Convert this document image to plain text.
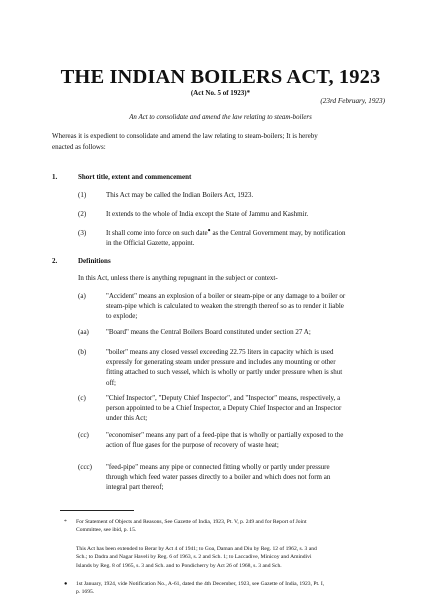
THE INDIAN BOILERS ACT, 1923
(Act No. 5 of 1923)*
(23rd February, 1923)
An Act to consolidate and amend the law relating to steam-boilers
Whereas it is expedient to consolidate and amend the law relating to steam-boilers; It is hereby
enacted as follows:
1.	Short title, extent and commencement
(1)	This Act may be called the Indian Boilers Act, 1923.
(2)	It extends to the whole of India except the State of Jammu and Kashmir.
(3)	It shall come into force on such date● as the Central Government may, by notification
in the Official Gazette, appoint.
2.	Definitions
In this Act, unless there is anything repugnant in the subject or context-
(a)	"Accident" means an explosion of a boiler or steam-pipe or any damage to a boiler or
steam-pipe which is calculated to weaken the strength thereof so as to render it liable
to explode;
(aa) "Board" means the Central Boilers Board constituted under section 27 A;
(b)	"boiler" means any closed vessel exceeding 22.75 liters in capacity which is used
expressly for generating steam under pressure and includes any mounting or other
fitting attached to such vessel, which is wholly or partly under pressure when is shut
off;
(c)	"Chief Inspector", "Deputy Chief Inspector", and "Inspector" means, respectively, a
person appointed to be a Chief Inspector, a Deputy Chief Inspector and an Inspector
under this Act;
(cc) "economiser" means any part of a feed-pipe that is wholly or partially exposed to the
action of flue gases for the purpose of recovery of waste heat;
(ccc) "feed-pipe" means any pipe or connected fitting wholly or partly under pressure
through which feed water passes directly to a boiler and which does not form an
integral part thereof;
* For Statement of Objects and Reasons, See Gazette of India, 1923, Pt. V, p. 249 and for Report of Joint
Committee, see ibid, p. 15.
This Act has been extended to Berar by Act 4 of 1941; to Goa, Daman and Diu by Reg. 12 of 1962, s. 3 and
Sch.; to Dadra and Nagar Haveli by Reg. 6 of 1963, s. 2 and Sch. 1; to Laccadive, Minicoy and Amindivi
Islands by Reg. 8 of 1965, s. 3 and Sch. and to Pondicherry by Act 26 of 1968, s. 3 and Sch.
● 1st January, 1924, vide Notification No., A-61, dated the 4th December, 1923, see Gazette of India, 1923, Pt. I,
p. 1695.
